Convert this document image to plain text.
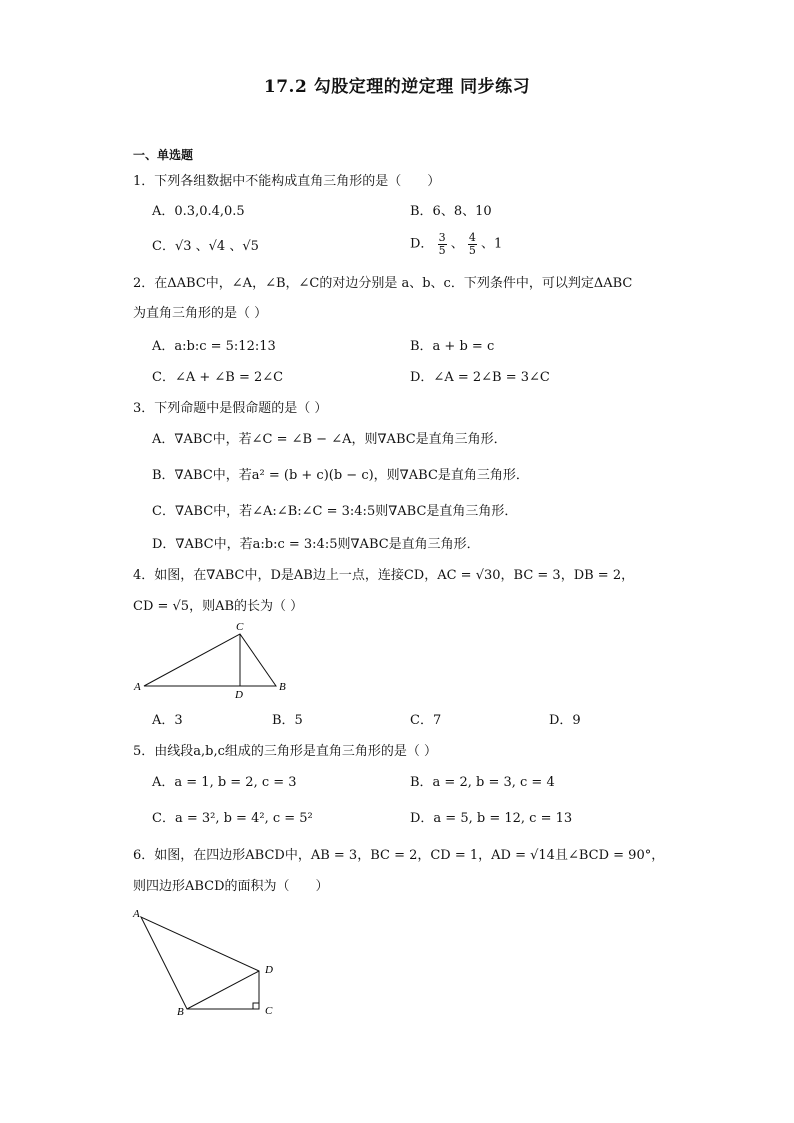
17.2 勾股定理的逆定理 同步练习
一、单选题
1．下列各组数据中不能构成直角三角形的是（　　）
A．0.3,0.4,0.5	B．6、8、10
C．√3 、√4 、√5	D． $\frac{3}{5}$ 、 $\frac{4}{5}$ 、1
2．在ΔABC中，∠A，∠B，∠C的对边分别是 a、b、c．下列条件中，可以判定ΔABC
为直角三角形的是（ ）
A．a:b:c = 5:12:13	B．a + b = c
C．∠A + ∠B = 2∠C	D．∠A = 2∠B = 3∠C
3．下列命题中是假命题的是（ ）
A．∇ABC中，若∠C = ∠B − ∠A，则∇ABC是直角三角形．
B．∇ABC中，若a² = (b + c)(b − c)，则∇ABC是直角三角形．
C．∇ABC中，若∠A:∠B:∠C = 3:4:5则∇ABC是直角三角形．
D．∇ABC中，若a:b:c = 3:4:5则∇ABC是直角三角形．
4．如图，在∇ABC中，D是AB边上一点，连接CD，AC = √30，BC = 3，DB = 2，
CD = √5，则AB的长为（ ）
A
C
D
B
A．3	B．5	C．7	D．9
5．由线段a,b,c组成的三角形是直角三角形的是（ ）
A．a = 1, b = 2, c = 3	B．a = 2, b = 3, c = 4
C．a = 3², b = 4², c = 5²	D．a = 5, b = 12, c = 13
6．如图，在四边形ABCD中，AB = 3，BC = 2，CD = 1，AD = √14且∠BCD = 90°，
则四边形ABCD的面积为（　　）
A
B	C
D
